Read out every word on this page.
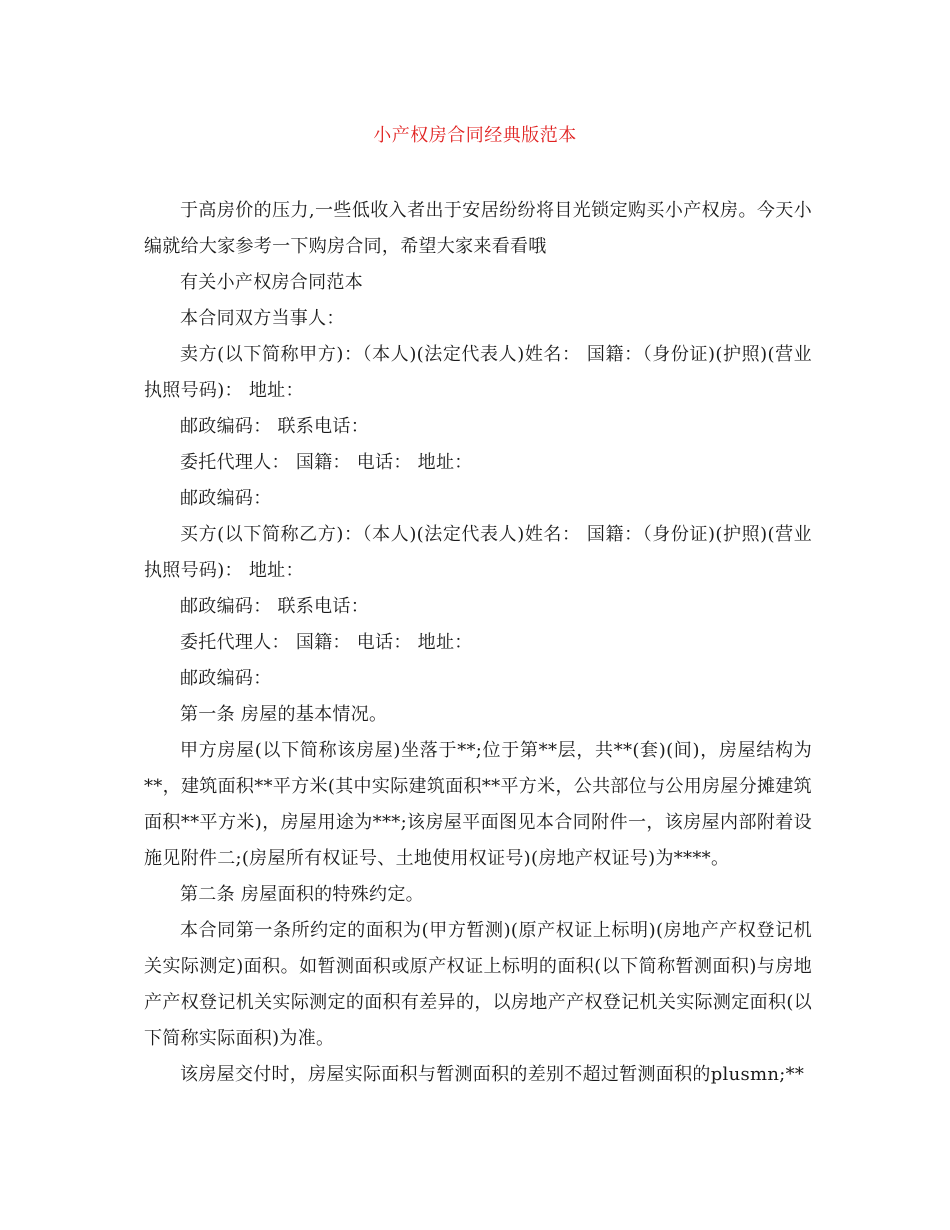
小产权房合同经典版范本

于高房价的压力,一些低收入者出于安居纷纷将目光锁定购买小产权房。今天小编就给大家参考一下购房合同，希望大家来看看哦

有关小产权房合同范本

本合同双方当事人：

卖方(以下简称甲方)：（本人)(法定代表人)姓名： 国籍：（身份证)(护照)(营业执照号码)： 地址：

邮政编码： 联系电话：

委托代理人： 国籍： 电话： 地址：

邮政编码：

买方(以下简称乙方)：（本人)(法定代表人)姓名： 国籍：（身份证)(护照)(营业执照号码)： 地址：

邮政编码： 联系电话：

委托代理人： 国籍： 电话： 地址：

邮政编码：

第一条 房屋的基本情况。

甲方房屋(以下简称该房屋)坐落于**;位于第**层，共**(套)(间)，房屋结构为**，建筑面积**平方米(其中实际建筑面积**平方米，公共部位与公用房屋分摊建筑面积**平方米)，房屋用途为***;该房屋平面图见本合同附件一，该房屋内部附着设施见附件二;(房屋所有权证号、土地使用权证号)(房地产权证号)为****。

第二条 房屋面积的特殊约定。

本合同第一条所约定的面积为(甲方暂测)(原产权证上标明)(房地产产权登记机关实际测定)面积。如暂测面积或原产权证上标明的面积(以下简称暂测面积)与房地产产权登记机关实际测定的面积有差异的，以房地产产权登记机关实际测定面积(以下简称实际面积)为准。

该房屋交付时，房屋实际面积与暂测面积的差别不超过暂测面积的plusmn;**
